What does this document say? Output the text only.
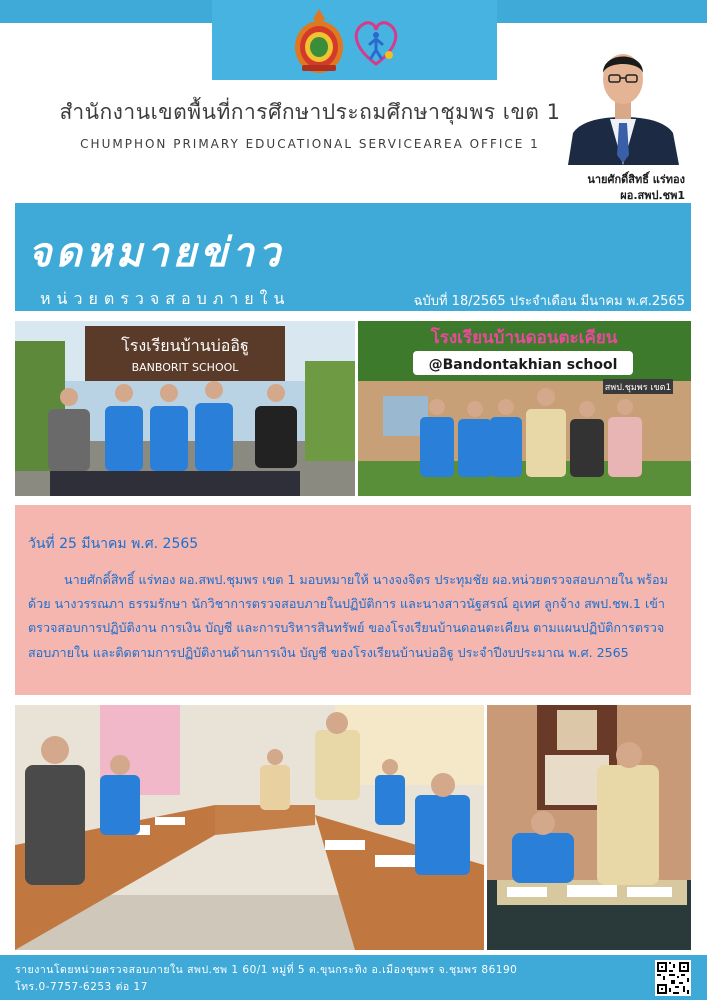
สำนักงานเขตพื้นที่การศึกษาประถมศึกษาชุมพร เขต 1
CHUMPHON PRIMARY EDUCATIONAL SERVICEAREA OFFICE 1
นายศักดิ์สิทธิ์ แร่ทอง
ผอ.สพป.ชพ1
จดหมายข่าว
หน่วยตรวจสอบภายใน	ฉบับที่ 18/2565 ประจำเดือน มีนาคม พ.ศ.2565
โรงเรียนบ้านบ่ออิฐู
BANBORIT SCHOOL
โรงเรียนบ้านดอนตะเคียน
@Bandontakhian school
สพป.ชุมพร เขต1
วันที่ 25 มีนาคม พ.ศ. 2565
นายศักดิ์สิทธิ์ แร่ทอง ผอ.สพป.ชุมพร เขต 1 มอบหมายให้ นางจงจิตร ประทุมชัย ผอ.หน่วยตรวจสอบภายใน พร้อมด้วย นางวรรณภา ธรรมรักษา นักวิชาการตรวจสอบภายในปฏิบัติการ และนางสาวนัฐสรณ์ อุเทศ ลูกจ้าง สพป.ชพ.1 เข้าตรวจสอบการปฏิบัติงาน การเงิน บัญชี และการบริหารสินทรัพย์ ของโรงเรียนบ้านดอนตะเคียน ตามแผนปฏิบัติการตรวจสอบภายใน และติดตามการปฏิบัติงานด้านการเงิน บัญชี ของโรงเรียนบ้านบ่ออิฐู ประจำปีงบประมาณ พ.ศ. 2565
รายงานโดยหน่วยตรวจสอบภายใน สพป.ชพ 1 60/1 หมู่ที่ 5 ต.ขุนกระทิง อ.เมืองชุมพร จ.ชุมพร 86190
โทร.0-7757-6253 ต่อ 17
